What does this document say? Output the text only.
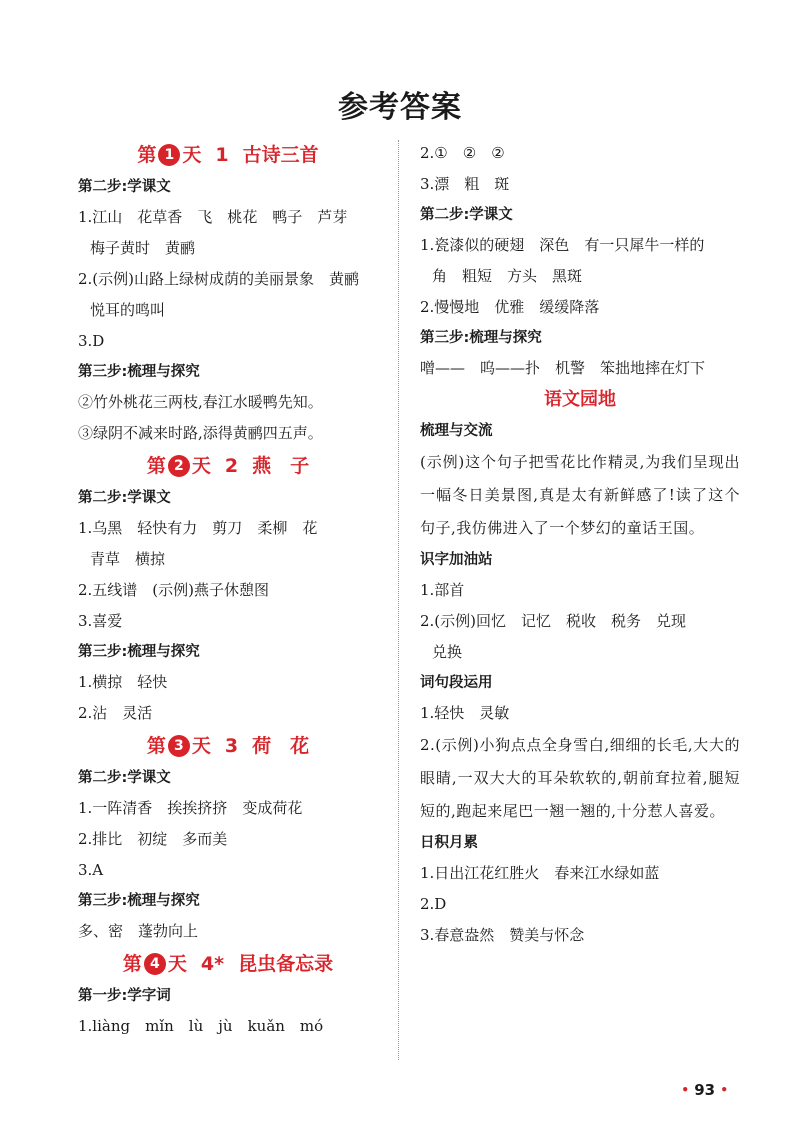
参考答案
第 1 天 1 古诗三首
第二步:学课文
1.江山　花草香　飞　桃花　鸭子　芦芽
梅子黄时　黄鹂
2.(示例)山路上绿树成荫的美丽景象　黄鹂
悦耳的鸣叫
3.D
第三步:梳理与探究
②竹外桃花三两枝,春江水暖鸭先知。
③绿阴不减来时路,添得黄鹂四五声。
第 2 天 2 燕　子
第二步:学课文
1.乌黑　轻快有力　剪刀　柔柳　花
青草　横掠
2.五线谱　(示例)燕子休憩图
3.喜爱
第三步:梳理与探究
1.横掠　轻快
2.沾　灵活
第 3 天 3 荷　花
第二步:学课文
1.一阵清香　挨挨挤挤　变成荷花
2.排比　初绽　多而美
3.A
第三步:梳理与探究
多、密　蓬勃向上
第 4 天 4* 昆虫备忘录
第一步:学字词
1.liàng　mǐn　lù　jù　kuǎn　mó
2.①　②　②
3.漂　粗　斑
第二步:学课文
1.瓷漆似的硬翅　深色　有一只犀牛一样的
角　粗短　方头　黑斑
2.慢慢地　优雅　缓缓降落
第三步:梳理与探究
噌——　呜——扑　机警　笨拙地摔在灯下
语文园地
梳理与交流
(示例)这个句子把雪花比作精灵,为我们呈现出一幅冬日美景图,真是太有新鲜感了!读了这个句子,我仿佛进入了一个梦幻的童话王国。
识字加油站
1.部首
2.(示例)回忆　记忆　税收　税务　兑现
兑换
词句段运用
1.轻快　灵敏
2.(示例)小狗点点全身雪白,细细的长毛,大大的眼睛,一双大大的耳朵软软的,朝前耷拉着,腿短短的,跑起来尾巴一翘一翘的,十分惹人喜爱。
日积月累
1.日出江花红胜火　春来江水绿如蓝
2.D
3.春意盎然　赞美与怀念
• 93 •
